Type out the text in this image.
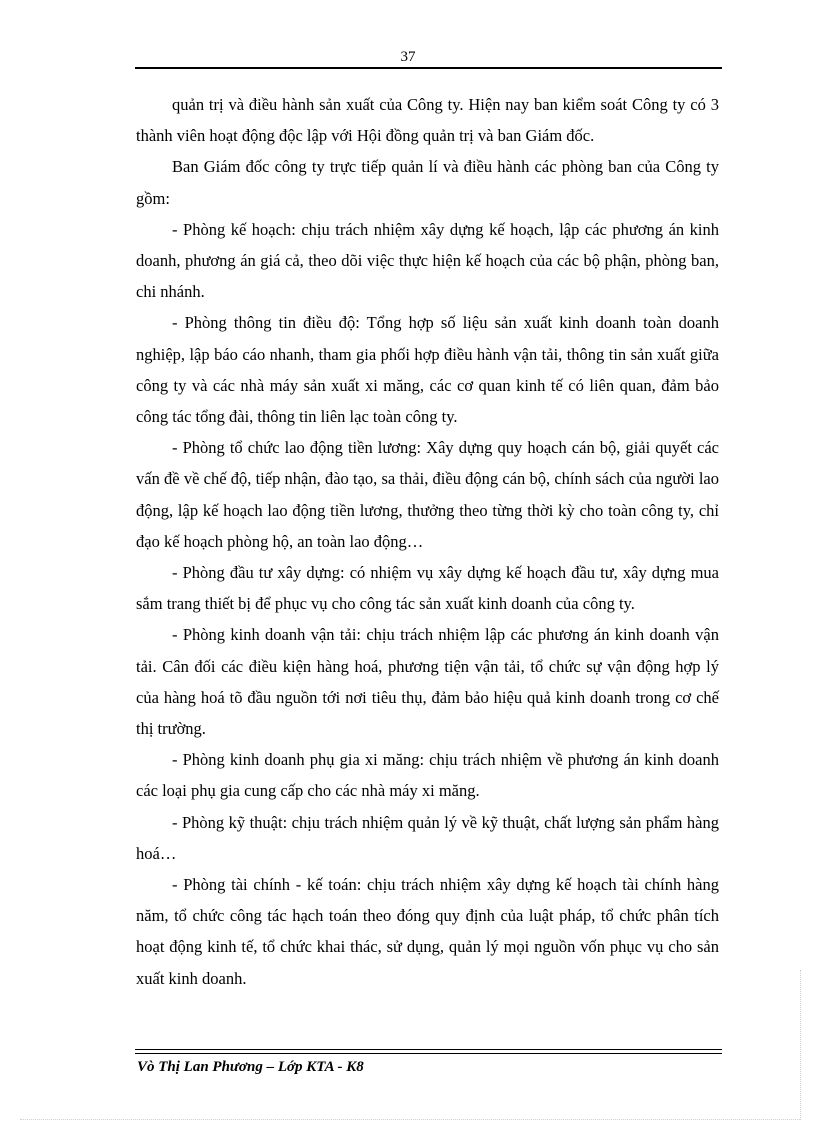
37

quản trị và điều hành sản xuất của Công ty. Hiện nay ban kiểm soát Công ty có 3 thành viên hoạt động độc lập với Hội đồng quản trị và ban Giám đốc.

Ban Giám đốc công ty trực tiếp quản lí và điều hành các phòng ban của Công ty gồm:

- Phòng kế hoạch: chịu trách nhiệm xây dựng kế hoạch, lập các phương án kinh doanh, phương án giá cả, theo dõi việc thực hiện kế hoạch của các bộ phận, phòng ban, chi nhánh.

- Phòng thông tin điều độ: Tổng hợp số liệu sản xuất kinh doanh toàn doanh nghiệp, lập báo cáo nhanh, tham gia phối hợp điều hành vận tải, thông tin sản xuất giữa công ty và các nhà máy sản xuất xi măng, các cơ quan kinh tế có liên quan, đảm bảo công tác tổng đài, thông tin liên lạc toàn công ty.

- Phòng tổ chức lao động tiền lương: Xây dựng quy hoạch cán bộ, giải quyết các vấn đề về chế độ, tiếp nhận, đào tạo, sa thải, điều động cán bộ, chính sách của người lao động, lập kế hoạch lao động tiền lương, thưởng theo từng thời kỳ cho toàn công ty, chỉ đạo kế hoạch phòng hộ, an toàn lao động…

- Phòng đầu tư xây dựng: có nhiệm vụ xây dựng kế hoạch đầu tư, xây dựng mua sắm trang thiết bị để phục vụ cho công tác sản xuất kinh doanh của công ty.

- Phòng kinh doanh vận tải: chịu trách nhiệm lập các phương án kinh doanh vận tải. Cân đối các điều kiện hàng hoá, phương tiện vận tải, tổ chức sự vận động hợp lý của hàng hoá tõ đầu nguồn tới nơi tiêu thụ, đảm bảo hiệu quả kinh doanh trong cơ chế thị trường.

- Phòng kinh doanh phụ gia xi măng: chịu trách nhiệm về phương án kinh doanh các loại phụ gia cung cấp cho các nhà máy xi măng.

- Phòng kỹ thuật: chịu trách nhiệm quản lý về kỹ thuật, chất lượng sản phẩm hàng hoá…

- Phòng tài chính - kế toán: chịu trách nhiệm xây dựng kế hoạch tài chính hàng năm, tổ chức công tác hạch toán theo đóng quy định của luật pháp, tổ chức phân tích hoạt động kinh tế, tổ chức khai thác, sử dụng, quản lý mọi nguồn vốn phục vụ cho sản xuất kinh doanh.

Vò Thị Lan Phương – Lớp KTA - K8
